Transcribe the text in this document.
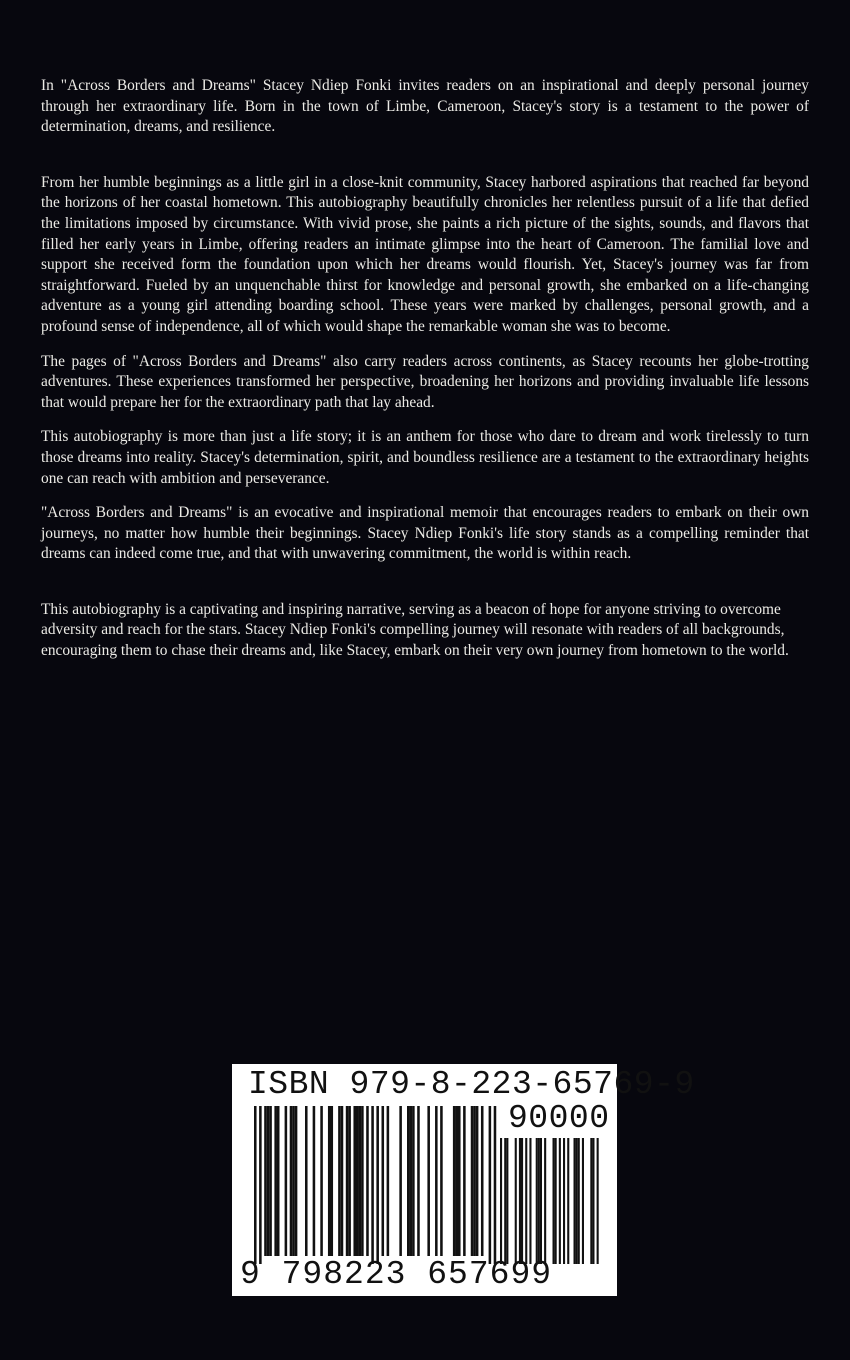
In "Across Borders and Dreams" Stacey Ndiep Fonki invites readers on an inspirational and deeply personal journey through her extraordinary life. Born in the town of Limbe, Cameroon, Stacey's story is a testament to the power of determination, dreams, and resilience.

From her humble beginnings as a little girl in a close-knit community, Stacey harbored aspirations that reached far beyond the horizons of her coastal hometown. This autobiography beautifully chronicles her relentless pursuit of a life that defied the limitations imposed by circumstance. With vivid prose, she paints a rich picture of the sights, sounds, and flavors that filled her early years in Limbe, offering readers an intimate glimpse into the heart of Cameroon. The familial love and support she received form the foundation upon which her dreams would flourish. Yet, Stacey's journey was far from straightforward. Fueled by an unquenchable thirst for knowledge and personal growth, she embarked on a life-changing adventure as a young girl attending boarding school. These years were marked by challenges, personal growth, and a profound sense of independence, all of which would shape the remarkable woman she was to become.

The pages of "Across Borders and Dreams" also carry readers across continents, as Stacey recounts her globe-trotting adventures. These experiences transformed her perspective, broadening her horizons and providing invaluable life lessons that would prepare her for the extraordinary path that lay ahead.

This autobiography is more than just a life story; it is an anthem for those who dare to dream and work tirelessly to turn those dreams into reality. Stacey's determination, spirit, and boundless resilience are a testament to the extraordinary heights one can reach with ambition and perseverance.

"Across Borders and Dreams" is an evocative and inspirational memoir that encourages readers to embark on their own journeys, no matter how humble their beginnings. Stacey Ndiep Fonki's life story stands as a compelling reminder that dreams can indeed come true, and that with unwavering commitment, the world is within reach.

This autobiography is a captivating and inspiring narrative, serving as a beacon of hope for anyone striving to overcome adversity and reach for the stars. Stacey Ndiep Fonki's compelling journey will resonate with readers of all backgrounds, encouraging them to chase their dreams and, like Stacey, embark on their very own journey from hometown to the world.

ISBN 979-8-223-65769-9
90000
9 798223 657699
